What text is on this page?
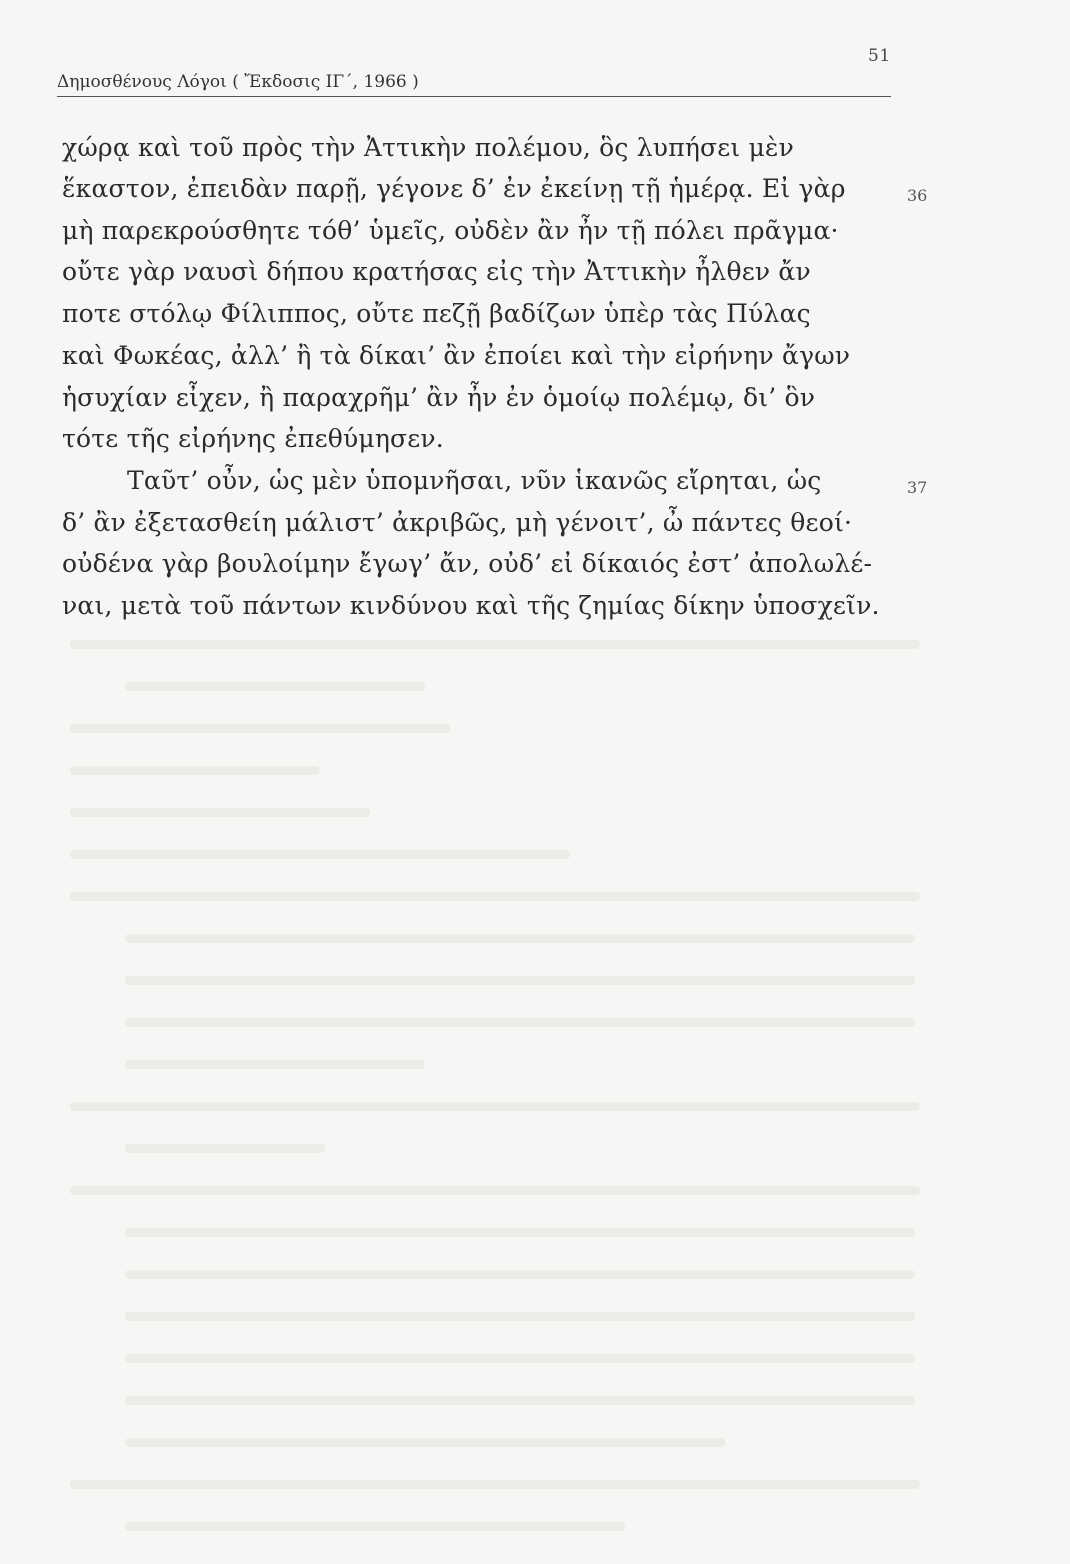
51
Δημοσθένους Λόγοι ( Ἔκδοσις ΙΓ΄, 1966 )
χώρᾳ καὶ τοῦ πρὸς τὴν Ἀττικὴν πολέμου, ὃς λυπήσει μὲν
ἕκαστον, ἐπειδὰν παρῇ, γέγονε δ’ ἐν ἐκείνῃ τῇ ἡμέρᾳ. Εἰ γὰρ
μὴ παρεκρούσθητε τόθ’ ὑμεῖς, οὐδὲν ἂν ἦν τῇ πόλει πρᾶγμα·
οὔτε γὰρ ναυσὶ δήπου κρατήσας εἰς τὴν Ἀττικὴν ἦλθεν ἄν
ποτε στόλῳ Φίλιππος, οὔτε πεζῇ βαδίζων ὑπὲρ τὰς Πύλας
καὶ Φωκέας, ἀλλ’ ἢ τὰ δίκαι’ ἂν ἐποίει καὶ τὴν εἰρήνην ἄγων
ἡσυχίαν εἶχεν, ἢ παραχρῆμ’ ἂν ἦν ἐν ὁμοίῳ πολέμῳ, δι’ ὃν
τότε τῆς εἰρήνης ἐπεθύμησεν.
Ταῦτ’ οὖν, ὡς μὲν ὑπομνῆσαι, νῦν ἱκανῶς εἴρηται, ὡς
δ’ ἂν ἐξετασθείη μάλιστ’ ἀκριβῶς, μὴ γένοιτ’, ὦ πάντες θεοί·
οὐδένα γὰρ βουλοίμην ἔγωγ’ ἄν, οὐδ’ εἰ δίκαιός ἐστ’ ἀπολωλέ-
ναι, μετὰ τοῦ πάντων κινδύνου καὶ τῆς ζημίας δίκην ὑποσχεῖν.
36
37
